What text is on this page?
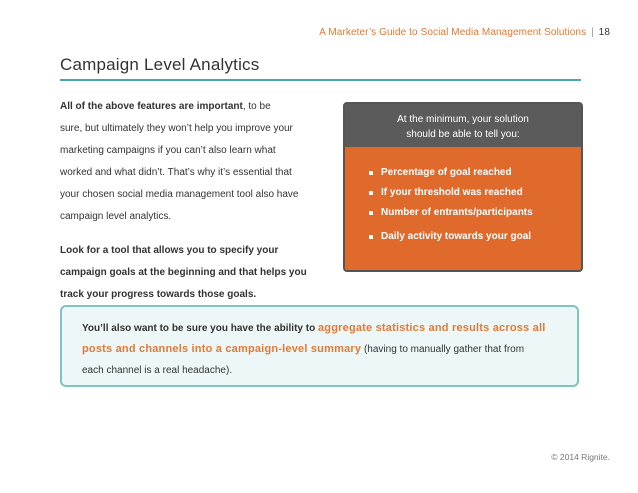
A Marketer’s Guide to Social Media Management Solutions | 18
Campaign Level Analytics

All of the above features are important, to be
sure, but ultimately they won’t help you improve your
marketing campaigns if you can’t also learn what
worked and what didn’t. That’s why it’s essential that
your chosen social media management tool also have
campaign level analytics.

Look for a tool that allows you to specify your
campaign goals at the beginning and that helps you
track your progress towards those goals.

At the minimum, your solution
should be able to tell you:
Percentage of goal reached
If your threshold was reached
Number of entrants/participants
Daily activity towards your goal
You’ll also want to be sure you have the ability to aggregate statistics and results across all
posts and channels into a campaign-level summary (having to manually gather that from
each channel is a real headache).
© 2014 Rignite.
